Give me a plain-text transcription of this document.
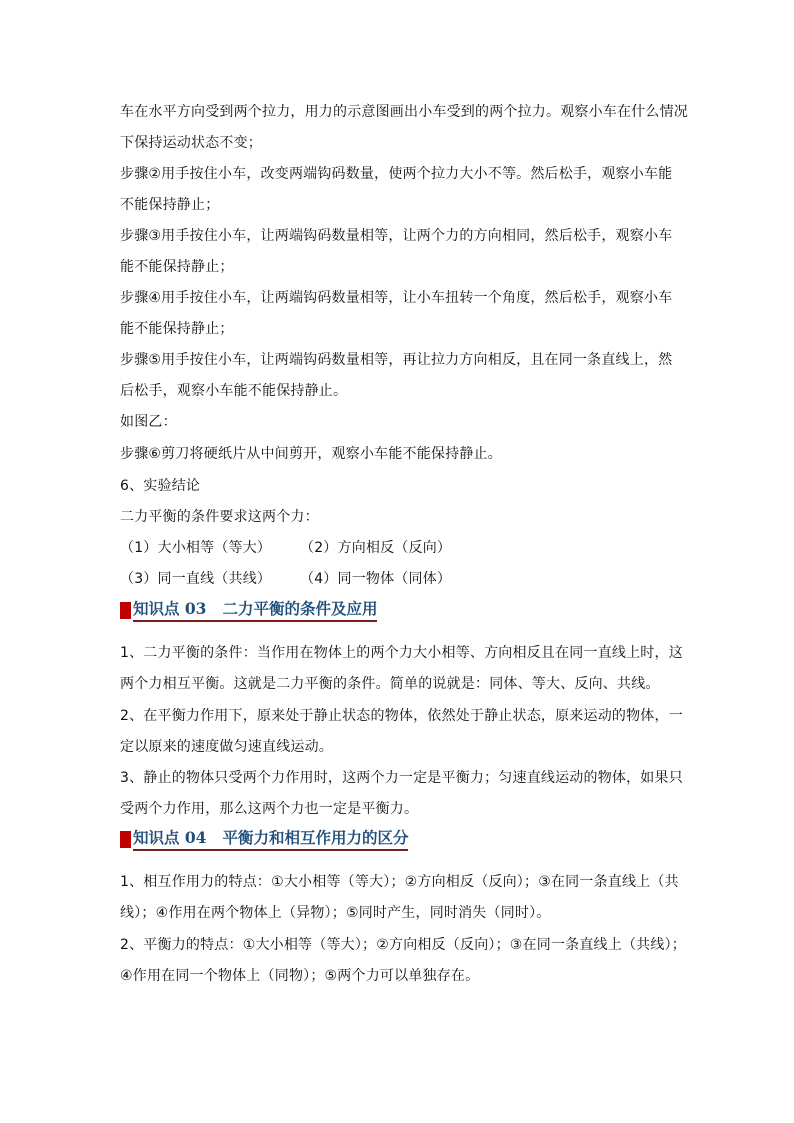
车在水平方向受到两个拉力，用力的示意图画出小车受到的两个拉力。观察小车在什么情况
下保持运动状态不变；
步骤②用手按住小车，改变两端钩码数量，使两个拉力大小不等。然后松手，观察小车能
不能保持静止；
步骤③用手按住小车，让两端钩码数量相等，让两个力的方向相同，然后松手，观察小车
能不能保持静止；
步骤④用手按住小车，让两端钩码数量相等，让小车扭转一个角度，然后松手，观察小车
能不能保持静止；
步骤⑤用手按住小车，让两端钩码数量相等，再让拉力方向相反，且在同一条直线上，然
后松手，观察小车能不能保持静止。
如图乙：
步骤⑥剪刀将硬纸片从中间剪开，观察小车能不能保持静止。
6、实验结论
二力平衡的条件要求这两个力：
（1）大小相等（等大） （2）方向相反（反向）
（3）同一直线（共线） （4）同一物体（同体）
知识点 03 二力平衡的条件及应用
1、二力平衡的条件：当作用在物体上的两个力大小相等、方向相反且在同一直线上时，这
两个力相互平衡。这就是二力平衡的条件。简单的说就是：同体、等大、反向、共线。
2、在平衡力作用下，原来处于静止状态的物体，依然处于静止状态，原来运动的物体，一
定以原来的速度做匀速直线运动。
3、静止的物体只受两个力作用时，这两个力一定是平衡力；匀速直线运动的物体，如果只
受两个力作用，那么这两个力也一定是平衡力。
知识点 04 平衡力和相互作用力的区分
1、相互作用力的特点：①大小相等（等大）；②方向相反（反向）；③在同一条直线上（共
线）；④作用在两个物体上（异物）；⑤同时产生，同时消失（同时）。
2、平衡力的特点：①大小相等（等大）；②方向相反（反向）；③在同一条直线上（共线）；
④作用在同一个物体上（同物）；⑤两个力可以单独存在。
